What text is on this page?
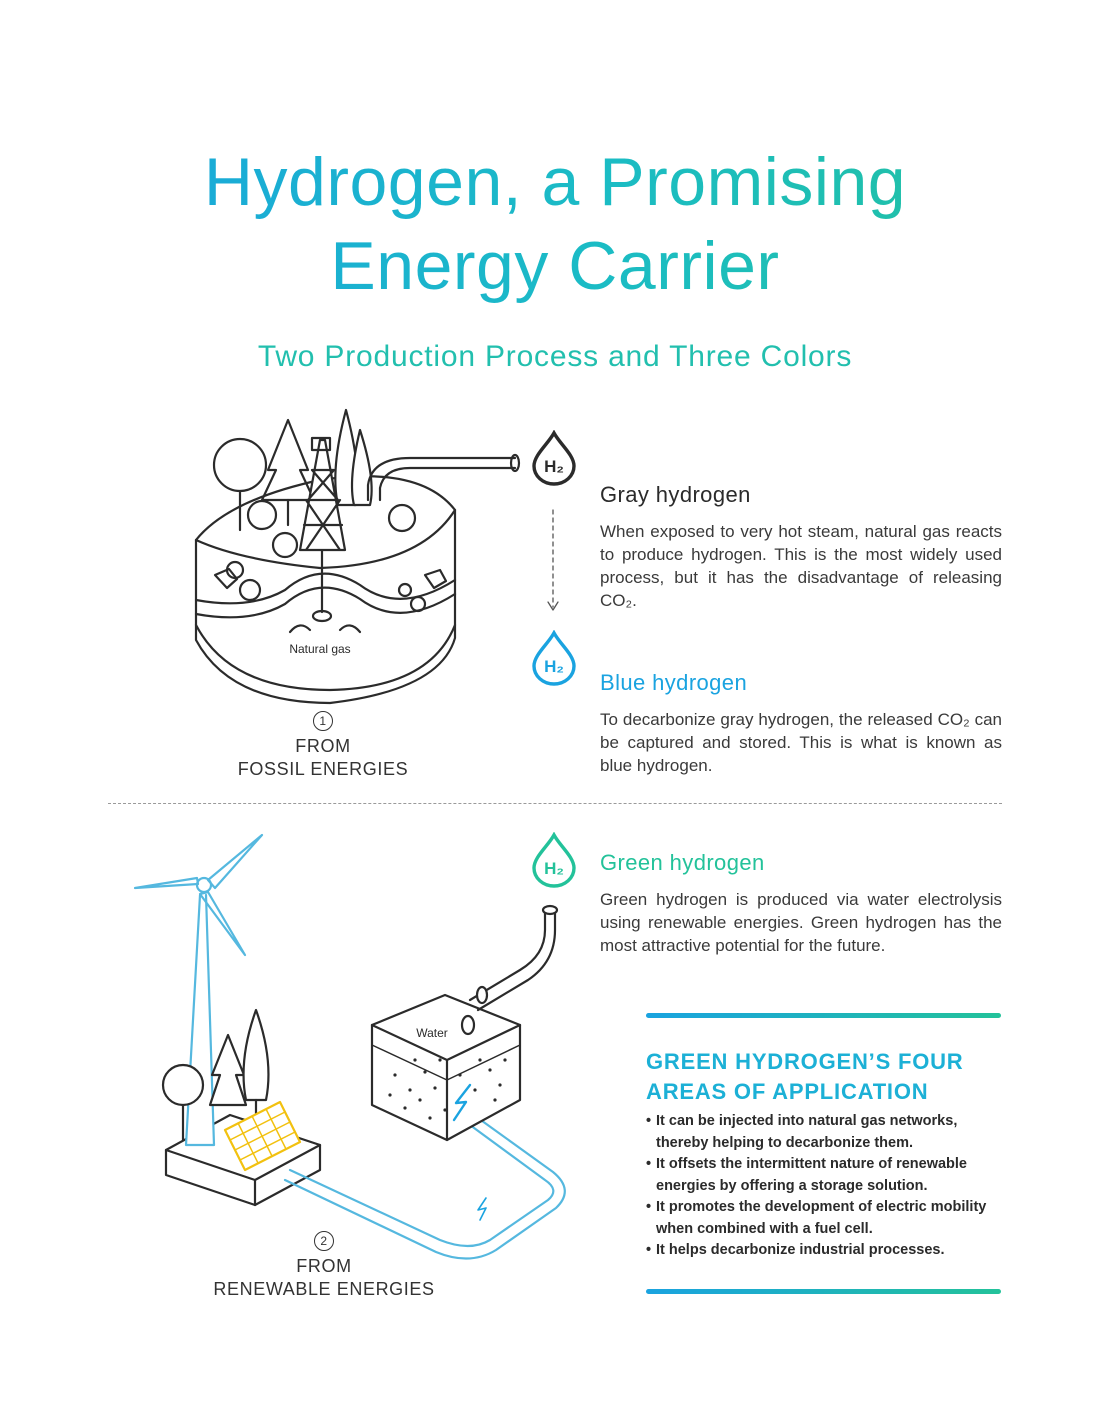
Hydrogen, a Promising
Energy Carrier
Two Production Process and Three Colors
Natural gas
Water
H₂
H₂
H₂
1
FROM
FOSSIL ENERGIES
2
FROM
RENEWABLE ENERGIES
Gray hydrogen
When exposed to very hot steam, natural gas reacts to produce hydrogen. This is the most widely used process, but it has the disadvantage of releasing CO₂.
Blue hydrogen
To decarbonize gray hydrogen, the released CO₂ can be captured and stored. This is what is known as blue hydrogen.
Green hydrogen
Green hydrogen is produced via water electrolysis using renewable energies. Green hydrogen has the most attractive potential for the future.
GREEN HYDROGEN’S FOUR
AREAS OF APPLICATION
• It can be injected into natural gas networks, thereby helping to decarbonize them.
• It offsets the intermittent nature of renewable energies by offering a storage solution.
• It promotes the development of electric mobility when combined with a fuel cell.
• It helps decarbonize industrial processes.
